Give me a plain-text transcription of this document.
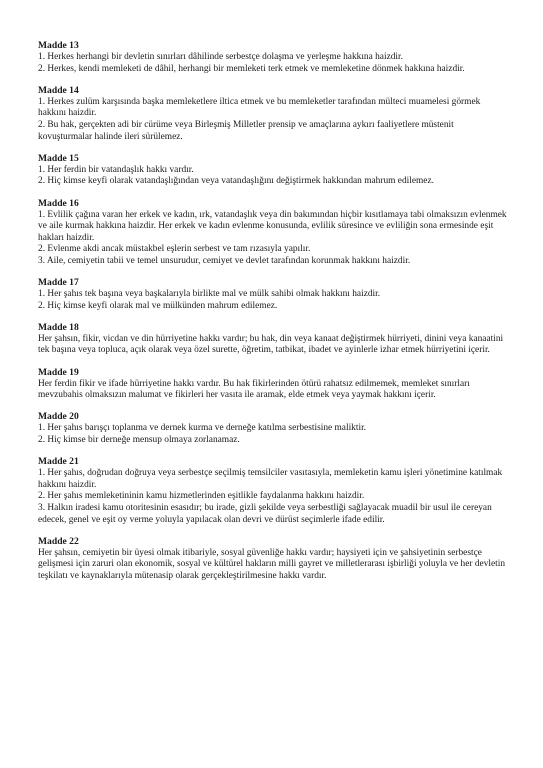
Madde 13
1. Herkes herhangi bir devletin sınırları dâhilinde serbestçe dolaşma ve yerleşme hakkına haizdir.
2. Herkes, kendi memleketi de dâhil, herhangi bir memleketi terk etmek ve memleketine dönmek hakkına haizdir.
Madde 14
1. Herkes zulüm karşısında başka memleketlere iltica etmek ve bu memleketler tarafından mülteci muamelesi görmek hakkını haizdir.
2. Bu hak, gerçekten adi bir cürüme veya Birleşmiş Milletler prensip ve amaçlarına aykırı faaliyetlere müstenit kovuşturmalar halinde ileri sürülemez.
Madde 15
1. Her ferdin bir vatandaşlık hakkı vardır.
2. Hiç kimse keyfi olarak vatandaşlığından veya vatandaşlığını değiştirmek hakkından mahrum edilemez.
Madde 16
1. Evlilik çağına varan her erkek ve kadın, ırk, vatandaşlık veya din bakımından hiçbir kısıtlamaya tabi olmaksızın evlenmek ve aile kurmak hakkına haizdir. Her erkek ve kadın evlenme konusunda, evlilik süresince ve evliliğin sona ermesinde eşit hakları haizdir.
2. Evlenme akdi ancak müstakbel eşlerin serbest ve tam rızasıyla yapılır.
3. Aile, cemiyetin tabii ve temel unsurudur, cemiyet ve devlet tarafından korunmak hakkını haizdir.
Madde 17
1. Her şahıs tek başına veya başkalarıyla birlikte mal ve mülk sahibi olmak hakkını haizdir.
2. Hiç kimse keyfi olarak mal ve mülkünden mahrum edilemez.
Madde 18
Her şahsın, fikir, vicdan ve din hürriyetine hakkı vardır; bu hak, din veya kanaat değiştirmek hürriyeti, dinini veya kanaatini tek başına veya topluca, açık olarak veya özel surette, öğretim, tatbikat, ibadet ve ayinlerle izhar etmek hürriyetini içerir.
Madde 19
Her ferdin fikir ve ifade hürriyetine hakkı vardır. Bu hak fikirlerinden ötürü rahatsız edilmemek, memleket sınırları mevzubahis olmaksızın malumat ve fikirleri her vasıta ile aramak, elde etmek veya yaymak hakkını içerir.
Madde 20
1. Her şahıs barışçı toplanma ve dernek kurma ve derneğe katılma serbestisine maliktir.
2. Hiç kimse bir derneğe mensup olmaya zorlanamaz.
Madde 21
1. Her şahıs, doğrudan doğruya veya serbestçe seçilmiş temsilciler vasıtasıyla, memleketin kamu işleri yönetimine katılmak hakkını haizdir.
2. Her şahıs memleketininin kamu hizmetlerinden eşitlikle faydalanma hakkını haizdir.
3. Halkın iradesi kamu otoritesinin esasıdır; bu irade, gizli şekilde veya serbestliği sağlayacak muadil bir usul ile cereyan edecek, genel ve eşit oy verme yoluyla yapılacak olan devri ve dürüst seçimlerle ifade edilir.
Madde 22
Her şahsın, cemiyetin bir üyesi olmak itibariyle, sosyal güvenliğe hakkı vardır; haysiyeti için ve şahsiyetinin serbestçe gelişmesi için zaruri olan ekonomik, sosyal ve kültürel hakların milli gayret ve milletlerarası işbirliği yoluyla ve her devletin teşkilatı ve kaynaklarıyla mütenasip olarak gerçekleştirilmesine hakkı vardır.
